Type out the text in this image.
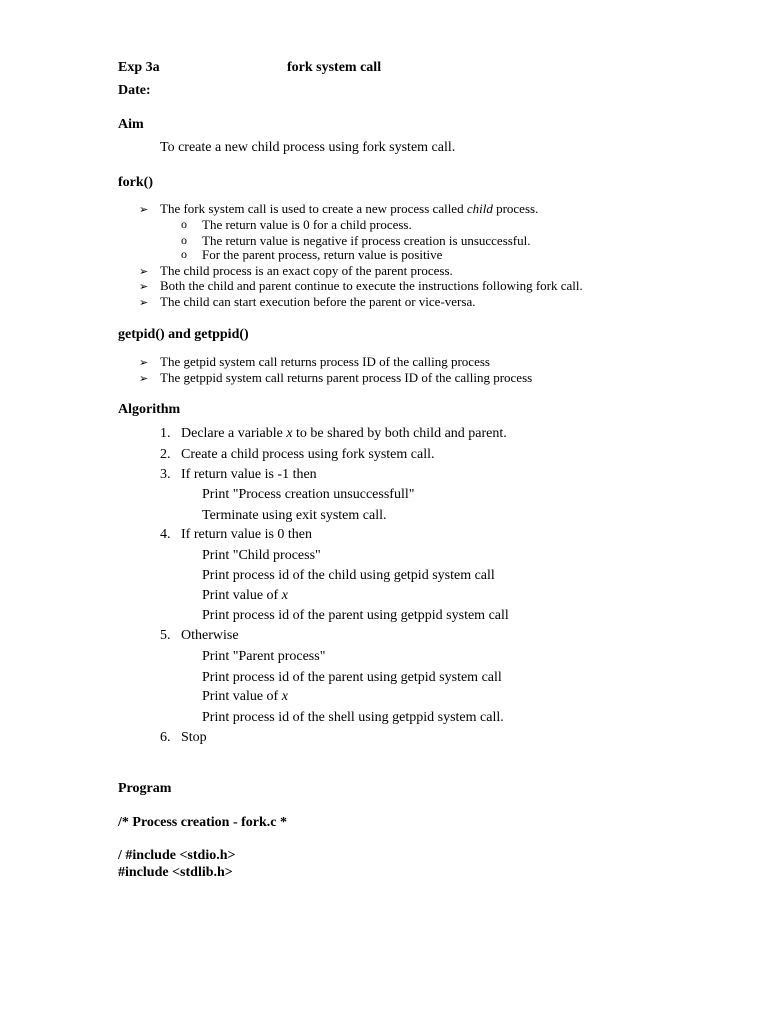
Exp 3a	fork system call
Date:
Aim
To create a new child process using fork system call.
fork()
➢ The fork system call is used to create a new process called child process.
o The return value is 0 for a child process.
o The return value is negative if process creation is unsuccessful.
o For the parent process, return value is positive
➢ The child process is an exact copy of the parent process.
➢ Both the child and parent continue to execute the instructions following fork call.
➢ The child can start execution before the parent or vice-versa.
getpid() and getppid()
➢ The getpid system call returns process ID of the calling process
➢ The getppid system call returns parent process ID of the calling process
Algorithm
1. Declare a variable x to be shared by both child and parent.
2. Create a child process using fork system call.
3. If return value is -1 then
Print "Process creation unsuccessfull"
Terminate using exit system call.
4. If return value is 0 then
Print "Child process"
Print process id of the child using getpid system call
Print value of x
Print process id of the parent using getppid system call
5. Otherwise
Print "Parent process"
Print process id of the parent using getpid system call
Print value of x
Print process id of the shell using getppid system call.
6. Stop
Program
/* Process creation - fork.c *
/ #include <stdio.h>
#include <stdlib.h>
